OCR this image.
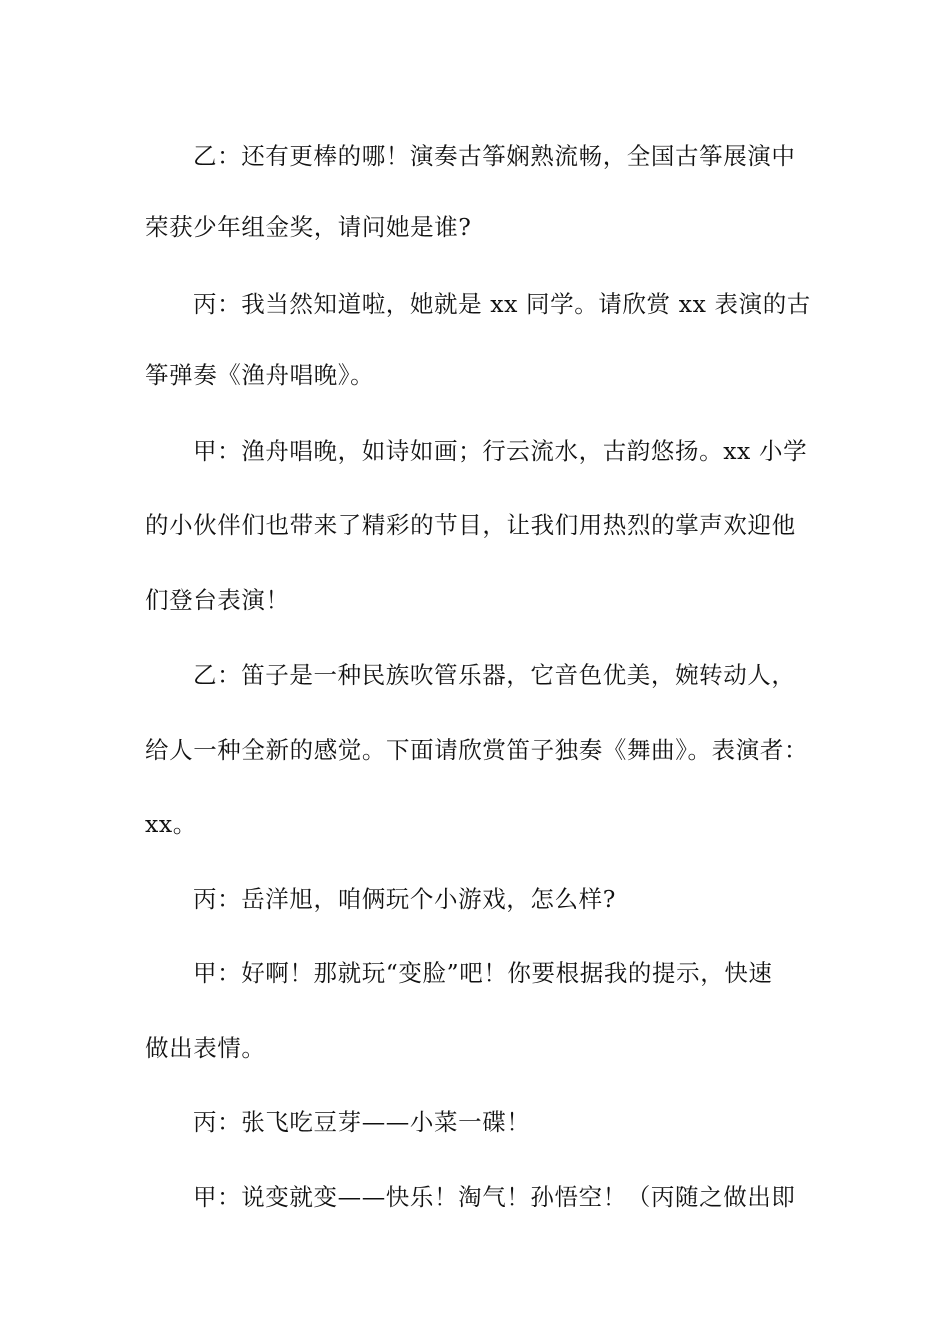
乙：还有更棒的哪！演奏古筝娴熟流畅，全国古筝展演中
荣获少年组金奖，请问她是谁?
丙：我当然知道啦，她就是 xx 同学。请欣赏 xx 表演的古
筝弹奏《渔舟唱晚》。
甲：渔舟唱晚，如诗如画；行云流水，古韵悠扬。xx 小学
的小伙伴们也带来了精彩的节目，让我们用热烈的掌声欢迎他
们登台表演！
乙：笛子是一种民族吹管乐器，它音色优美，婉转动人，
给人一种全新的感觉。下面请欣赏笛子独奏《舞曲》。表演者：
xx。
丙：岳洋旭，咱俩玩个小游戏，怎么样?
甲：好啊！那就玩“变脸”吧！你要根据我的提示，快速
做出表情。
丙：张飞吃豆芽——小菜一碟！
甲：说变就变——快乐！淘气！孙悟空！（丙随之做出即
